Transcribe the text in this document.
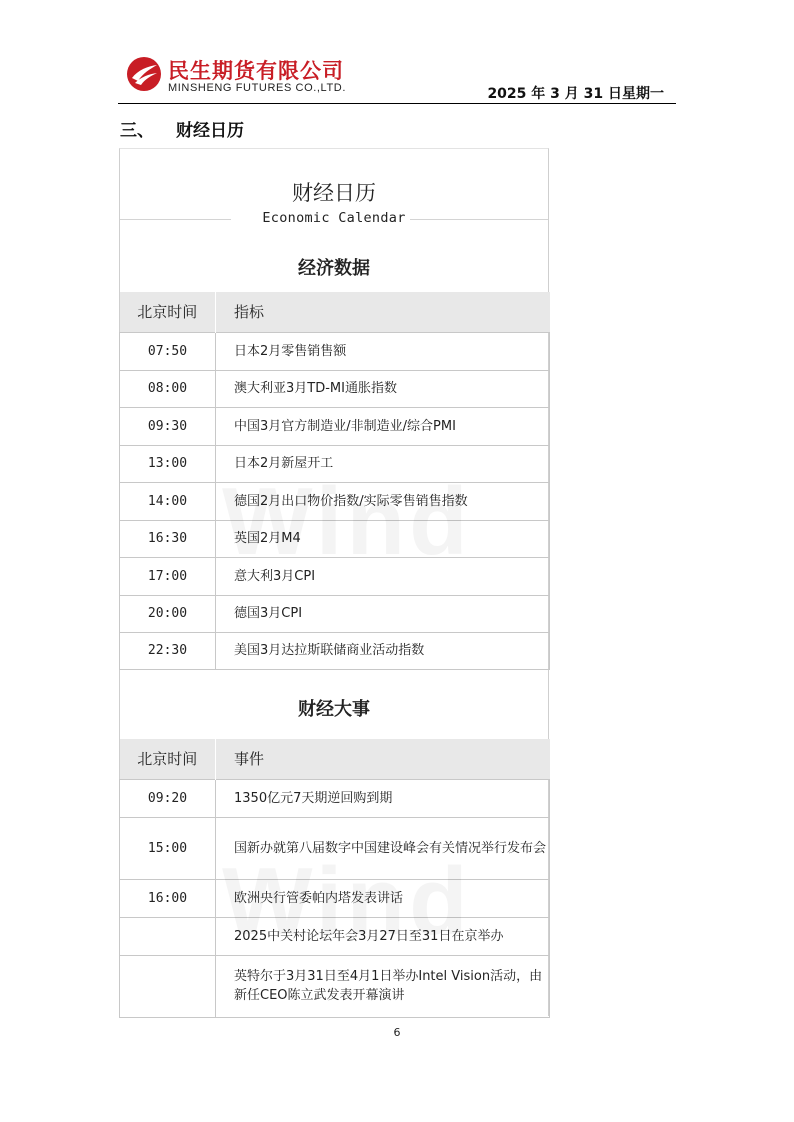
民生期货有限公司
MINSHENG FUTURES CO.,LTD.	2025 年 3 月 31 日星期一
三、 财经日历
财经日历
Economic Calendar
经济数据
北京时间	指标
07:50	日本2月零售销售额
08:00	澳大利亚3月TD-MI通胀指数
09:30	中国3月官方制造业/非制造业/综合PMI
13:00	日本2月新屋开工
14:00	德国2月出口物价指数/实际零售销售指数
16:30	英国2月M4
17:00	意大利3月CPI
20:00	德国3月CPI
22:30	美国3月达拉斯联储商业活动指数
财经大事
北京时间	事件
09:20	1350亿元7天期逆回购到期
15:00	国新办就第八届数字中国建设峰会有关情况举行发布会
16:00	欧洲央行管委帕内塔发表讲话
	2025中关村论坛年会3月27日至31日在京举办
	英特尔于3月31日至4月1日举办Intel Vision活动，由新任CEO陈立武发表开幕演讲
6
